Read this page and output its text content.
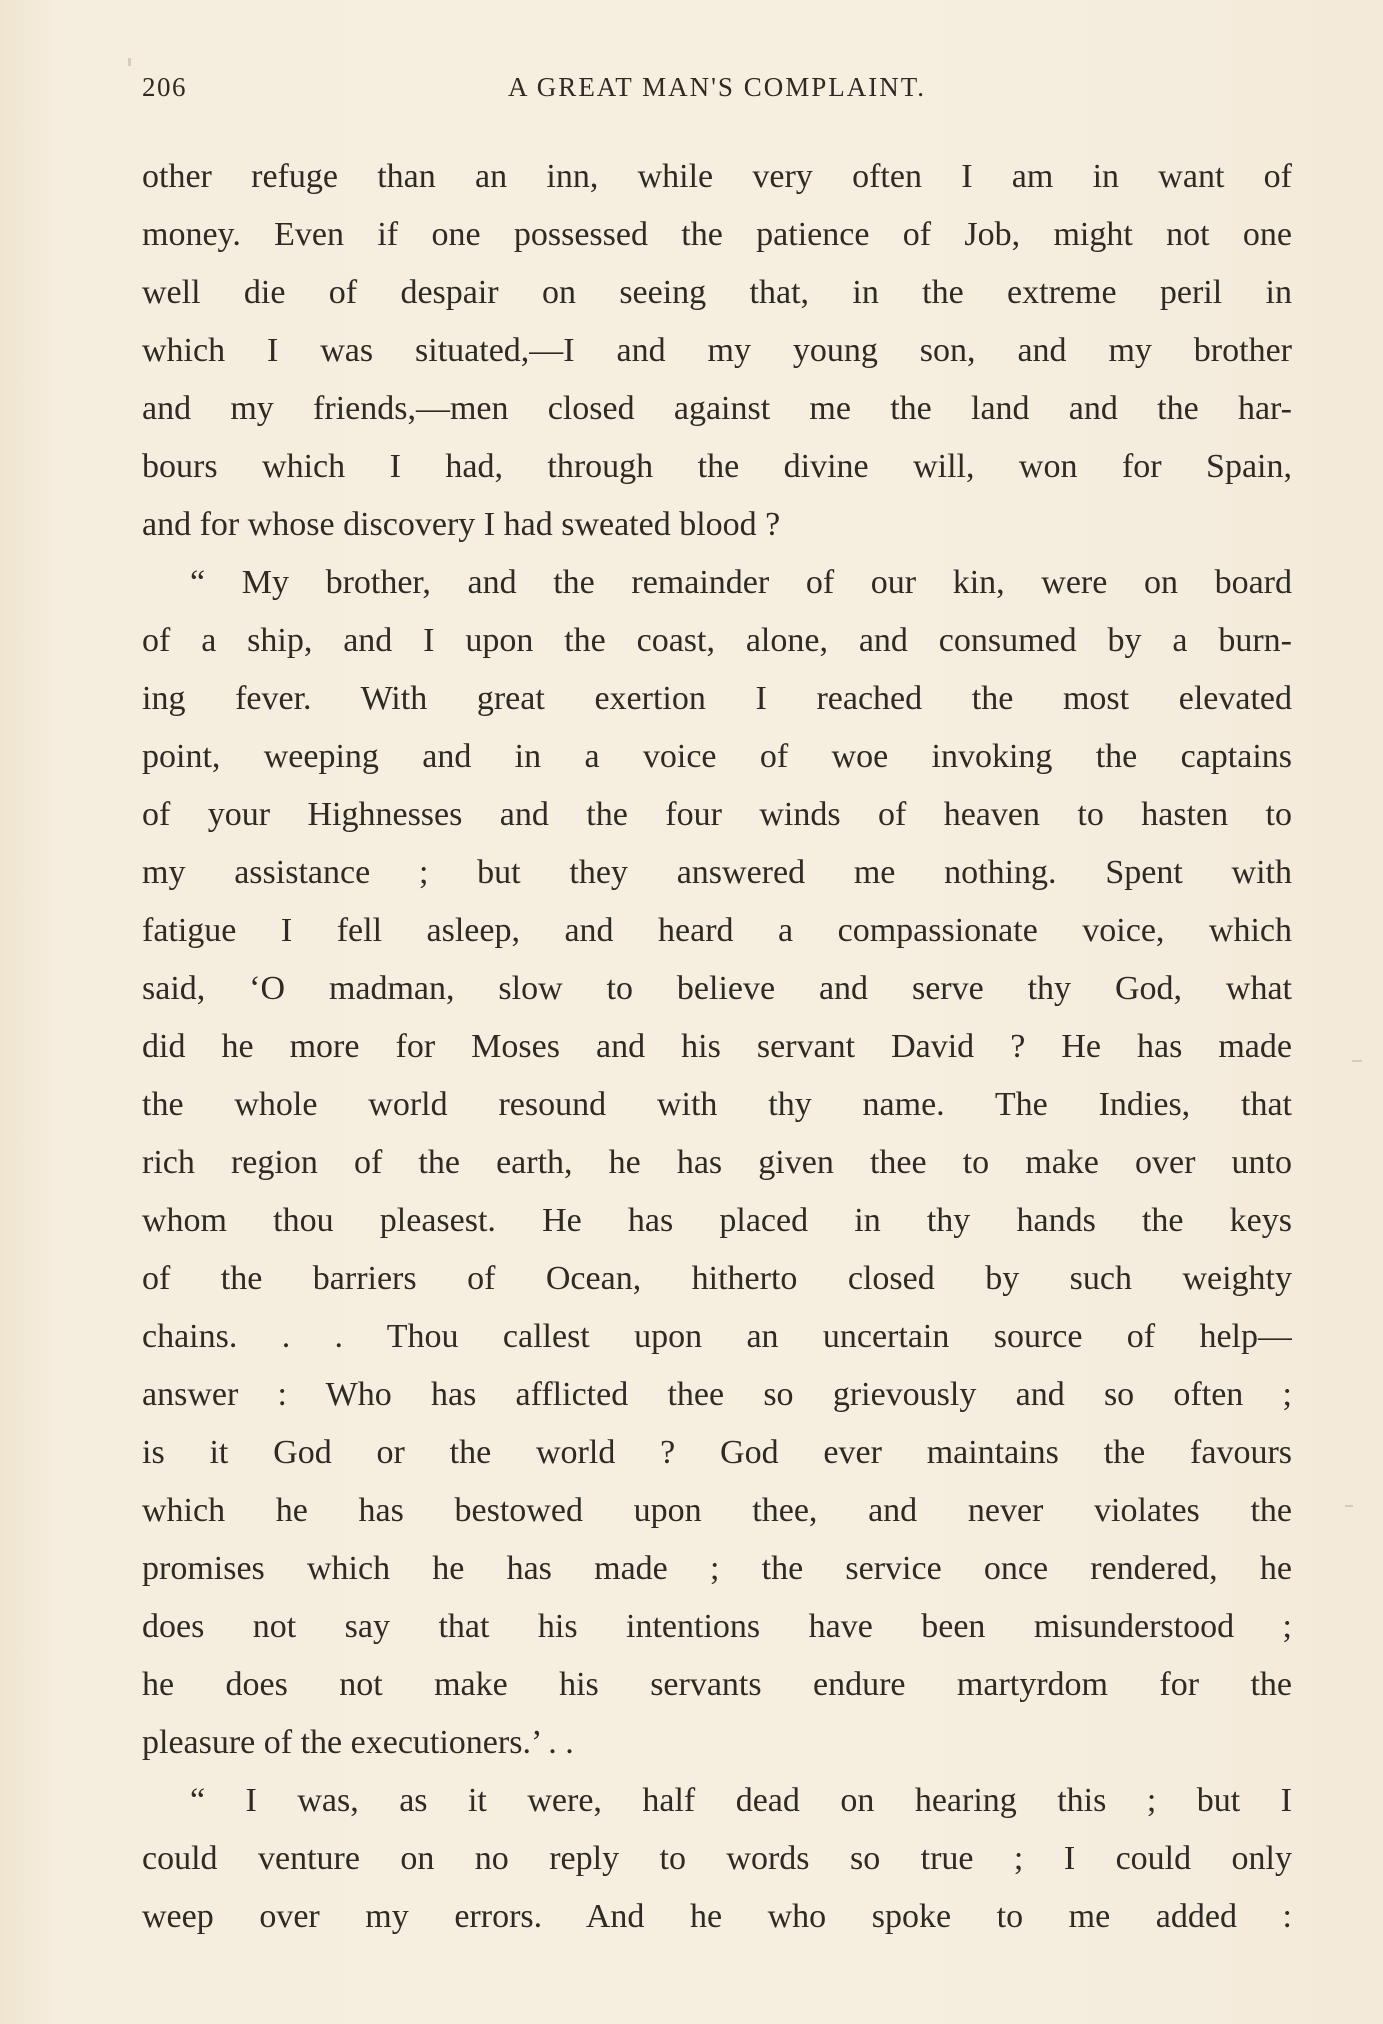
206	A GREAT MAN'S COMPLAINT.
other refuge than an inn, while very often I am in want of
money. Even if one possessed the patience of Job, might not one
well die of despair on seeing that, in the extreme peril in
which I was situated,—I and my young son, and my brother
and my friends,—men closed against me the land and the har-
bours which I had, through the divine will, won for Spain,
and for whose discovery I had sweated blood ?
“ My brother, and the remainder of our kin, were on board
of a ship, and I upon the coast, alone, and consumed by a burn-
ing fever. With great exertion I reached the most elevated
point, weeping and in a voice of woe invoking the captains
of your Highnesses and the four winds of heaven to hasten to
my assistance ; but they answered me nothing. Spent with
fatigue I fell asleep, and heard a compassionate voice, which
said, ‘O madman, slow to believe and serve thy God, what
did he more for Moses and his servant David ? He has made
the whole world resound with thy name. The Indies, that
rich region of the earth, he has given thee to make over unto
whom thou pleasest. He has placed in thy hands the keys
of the barriers of Ocean, hitherto closed by such weighty
chains. . . Thou callest upon an uncertain source of help—
answer : Who has afflicted thee so grievously and so often ;
is it God or the world ? God ever maintains the favours
which he has bestowed upon thee, and never violates the
promises which he has made ; the service once rendered, he
does not say that his intentions have been misunderstood ;
he does not make his servants endure martyrdom for the
pleasure of the executioners.’ . .
“ I was, as it were, half dead on hearing this ; but I
could venture on no reply to words so true ; I could only
weep over my errors. And he who spoke to me added :
